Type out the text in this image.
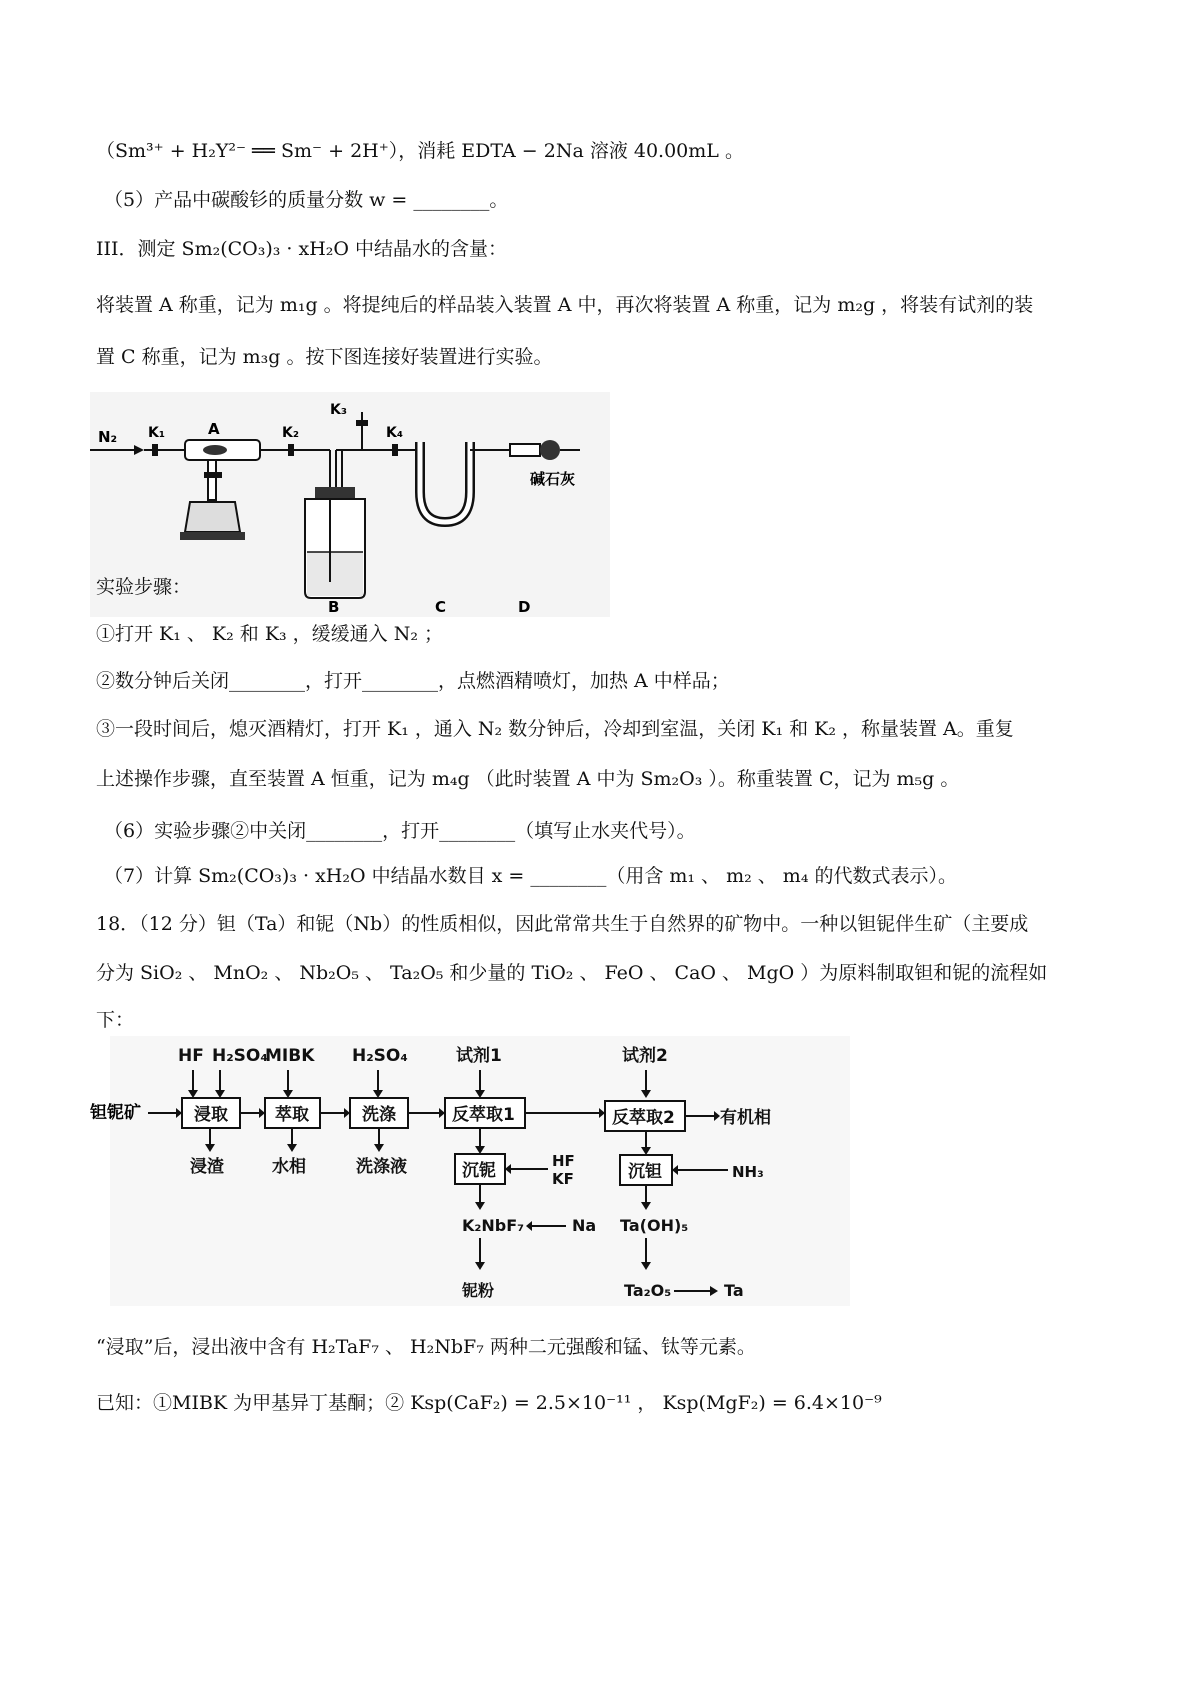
（Sm³⁺ + H₂Y²⁻ ══ Sm⁻ + 2H⁺），消耗 EDTA − 2Na 溶液 40.00mL 。
（5）产品中碳酸钐的质量分数 w = ________。
III．测定 Sm₂(CO₃)₃ · xH₂O 中结晶水的含量：
将装置 A 称重，记为 m₁g 。将提纯后的样品装入装置 A 中，再次将装置 A 称重，记为 m₂g ，将装有试剂的装
置 C 称重，记为 m₃g 。按下图连接好装置进行实验。
N₂ K₁	A	K₂
B
K₃
K₄
C
碱石灰
D
实验步骤：
①打开 K₁ 、 K₂ 和 K₃ ，缓缓通入 N₂ ；
②数分钟后关闭________，打开________，点燃酒精喷灯，加热 A 中样品；
③一段时间后，熄灭酒精灯，打开 K₁ ，通入 N₂ 数分钟后，冷却到室温，关闭 K₁ 和 K₂ ，称量装置 A。重复
上述操作步骤，直至装置 A 恒重，记为 m₄g （此时装置 A 中为 Sm₂O₃ ）。称重装置 C，记为 m₅g 。
（6）实验步骤②中关闭________，打开________（填写止水夹代号）。
（7）计算 Sm₂(CO₃)₃ · xH₂O 中结晶水数目 x = ________（用含 m₁ 、 m₂ 、 m₄ 的代数式表示）。
18．（12 分）钽（Ta）和铌（Nb）的性质相似，因此常常共生于自然界的矿物中。一种以钽铌伴生矿（主要成
分为 SiO₂ 、 MnO₂ 、 Nb₂O₅ 、 Ta₂O₅ 和少量的 TiO₂ 、 FeO 、 CaO 、 MgO ）为原料制取钽和铌的流程如
下：
HF H₂SO₄
MIBK H₂SO₄	试剂1	试剂2
钽铌矿	浸取	萃取	洗涤	反萃取1	反萃取2	有机相
浸渣	水相	洗涤液	沉铌	沉钽
HF
KF	NH₃
K₂NbF₇	Na Ta(OH)₅
铌粉	Ta₂O₅	Ta
“浸取”后，浸出液中含有 H₂TaF₇ 、 H₂NbF₇ 两种二元强酸和锰、钛等元素。
已知：①MIBK 为甲基异丁基酮；② Ksp(CaF₂) = 2.5×10⁻¹¹ ， Ksp(MgF₂) = 6.4×10⁻⁹
